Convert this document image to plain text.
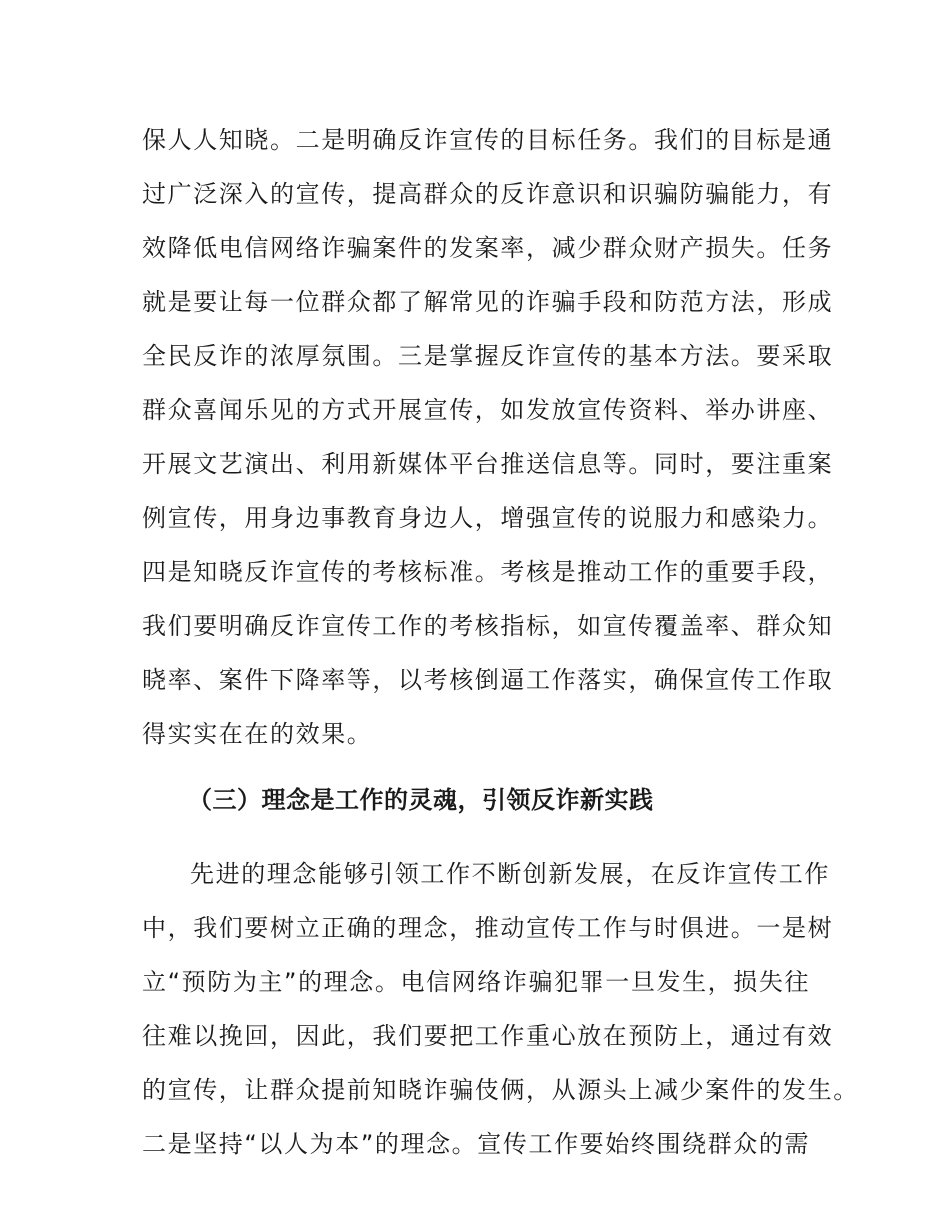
保人人知晓。二是明确反诈宣传的目标任务。我们的目标是通
过广泛深入的宣传，提高群众的反诈意识和识骗防骗能力，有
效降低电信网络诈骗案件的发案率，减少群众财产损失。任务
就是要让每一位群众都了解常见的诈骗手段和防范方法，形成
全民反诈的浓厚氛围。三是掌握反诈宣传的基本方法。要采取
群众喜闻乐见的方式开展宣传，如发放宣传资料、举办讲座、
开展文艺演出、利用新媒体平台推送信息等。同时，要注重案
例宣传，用身边事教育身边人，增强宣传的说服力和感染力。
四是知晓反诈宣传的考核标准。考核是推动工作的重要手段，
我们要明确反诈宣传工作的考核指标，如宣传覆盖率、群众知
晓率、案件下降率等，以考核倒逼工作落实，确保宣传工作取
得实实在在的效果。
（三）理念是工作的灵魂，引领反诈新实践
先进的理念能够引领工作不断创新发展，在反诈宣传工作
中，我们要树立正确的理念，推动宣传工作与时俱进。一是树
立“预防为主”的理念。电信网络诈骗犯罪一旦发生，损失往
往难以挽回，因此，我们要把工作重心放在预防上，通过有效
的宣传，让群众提前知晓诈骗伎俩，从源头上减少案件的发生。
二是坚持“以人为本”的理念。宣传工作要始终围绕群众的需
